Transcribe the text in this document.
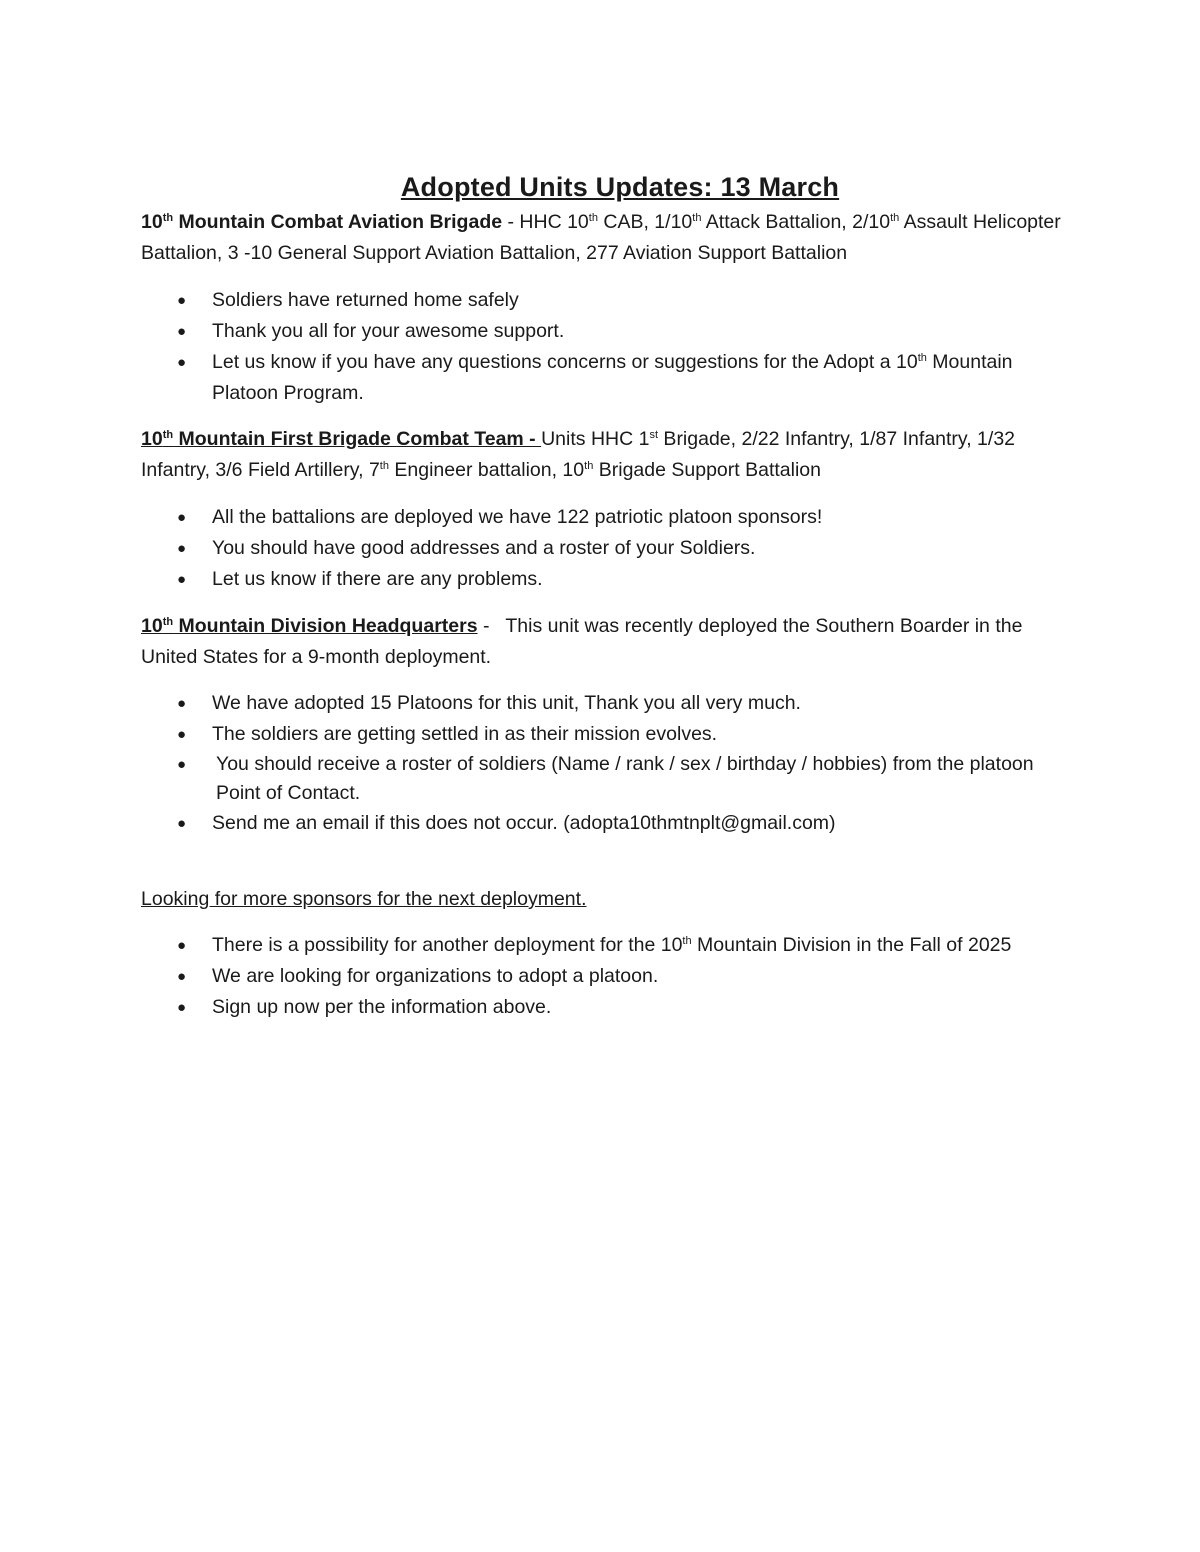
Adopted Units Updates: 13 March

10th Mountain Combat Aviation Brigade - HHC 10th CAB, 1/10th Attack Battalion, 2/10th Assault Helicopter Battalion, 3 -10 General Support Aviation Battalion, 277 Aviation Support Battalion

● Soldiers have returned home safely
● Thank you all for your awesome support.
● Let us know if you have any questions concerns or suggestions for the Adopt a 10th Mountain Platoon Program.

10th Mountain First Brigade Combat Team - Units HHC 1st Brigade, 2/22 Infantry, 1/87 Infantry, 1/32 Infantry, 3/6 Field Artillery, 7th Engineer battalion, 10th Brigade Support Battalion

● All the battalions are deployed we have 122 patriotic platoon sponsors!
● You should have good addresses and a roster of your Soldiers.
● Let us know if there are any problems.

10th Mountain Division Headquarters -   This unit was recently deployed the Southern Boarder in the United States for a 9-month deployment.

● We have adopted 15 Platoons for this unit, Thank you all very much.
● The soldiers are getting settled in as their mission evolves.
● You should receive a roster of soldiers (Name / rank / sex / birthday / hobbies) from the platoon Point of Contact.
● Send me an email if this does not occur. (adopta10thmtnplt@gmail.com)

Looking for more sponsors for the next deployment.

● There is a possibility for another deployment for the 10th Mountain Division in the Fall of 2025
● We are looking for organizations to adopt a platoon.
● Sign up now per the information above.
